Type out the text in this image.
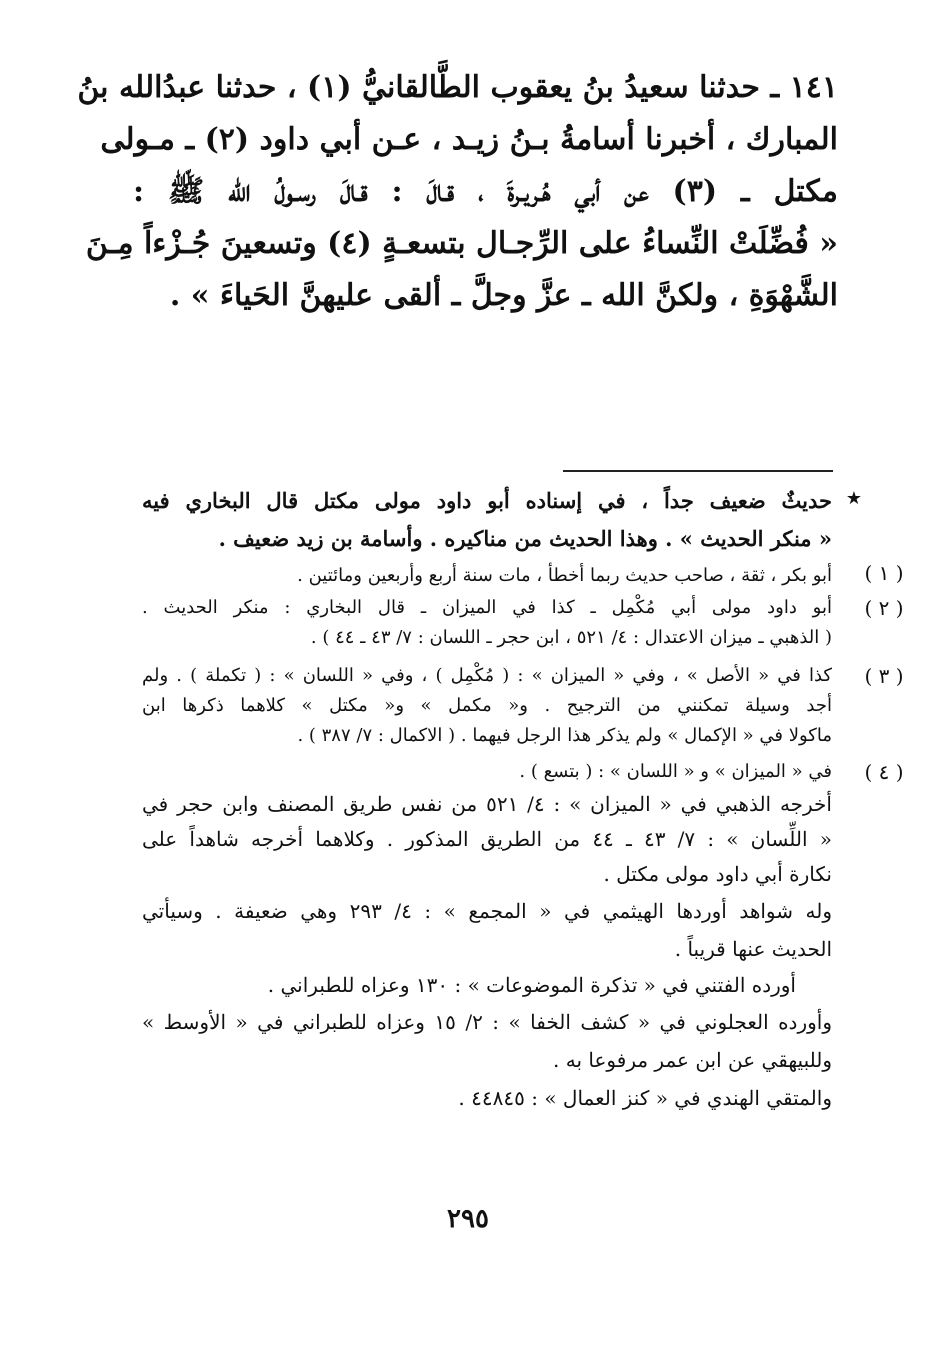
١٤١ ـ حدثنا سعيدُ بنُ يعقوب الطَّالقانيُّ (١) ، حدثنا عبدُالله بنُ
المبارك ، أخبرنا أسامةُ بـنُ زيـد ، عـن أبي داود (٢) ـ مـولى
مكتل ـ (٣) عن أبي هُـريـرةَ ، قـالَ : قـالَ رسـولُ الله ﷺ :
« فُضِّلَتْ النِّساءُ على الرِّجـال بتسعـةٍ (٤) وتسعينَ جُـزْءاً مِـنَ
الشَّهْوَةِ ، ولكنَّ الله ـ عزَّ وجلَّ ـ ألقى عليهنَّ الحَياءَ » .
★
حديثٌ ضعيف جداً ، في إسناده أبو داود مولى مكتل قال البخاري فيه
« منكر الحديث » . وهذا الحديث من مناكيره . وأسامة بن زيد ضعيف .
( ١ )
أبو بكر ، ثقة ، صاحب حديث ربما أخطأ ، مات سنة أربع وأربعين ومائتين .
( ٢ )
أبو داود مولى أبي مُكْمِل ـ كذا في الميزان ـ قال البخاري : منكر الحديث .
( الذهبي ـ ميزان الاعتدال : ٤/ ٥٢١ ، ابن حجر ـ اللسان : ٧/ ٤٣ ـ ٤٤ ) .
( ٣ )
كذا في « الأصل » ، وفي « الميزان » : ( مُكْمِل ) ، وفي « اللسان » : ( تكملة ) . ولم
أجد وسيلة تمكنني من الترجيح . و« مكمل » و« مكتل » كلاهما ذكرها ابن
ماكولا في « الإكمال » ولم يذكر هذا الرجل فيهما . ( الاكمال : ٧/ ٣٨٧ ) .
( ٤ )
في « الميزان » و « اللسان » : ( بتسع ) .
أخرجه الذهبي في « الميزان » : ٤/ ٥٢١ من نفس طريق المصنف وابن حجر في
« اللِّسان » : ٧/ ٤٣ ـ ٤٤ من الطريق المذكور . وكلاهما أخرجه شاهداً على
نكارة أبي داود مولى مكتل .
وله شواهد أوردها الهيثمي في « المجمع » : ٤/ ٢٩٣ وهي ضعيفة . وسيأتي
الحديث عنها قريباً .
أورده الفتني في « تذكرة الموضوعات » : ١٣٠ وعزاه للطبراني .
وأورده العجلوني في « كشف الخفا » : ٢/ ١٥ وعزاه للطبراني في « الأوسط »
وللبيهقي عن ابن عمر مرفوعا به .
والمتقي الهندي في « كنز العمال » : ٤٤٨٤٥ .
٢٩٥
